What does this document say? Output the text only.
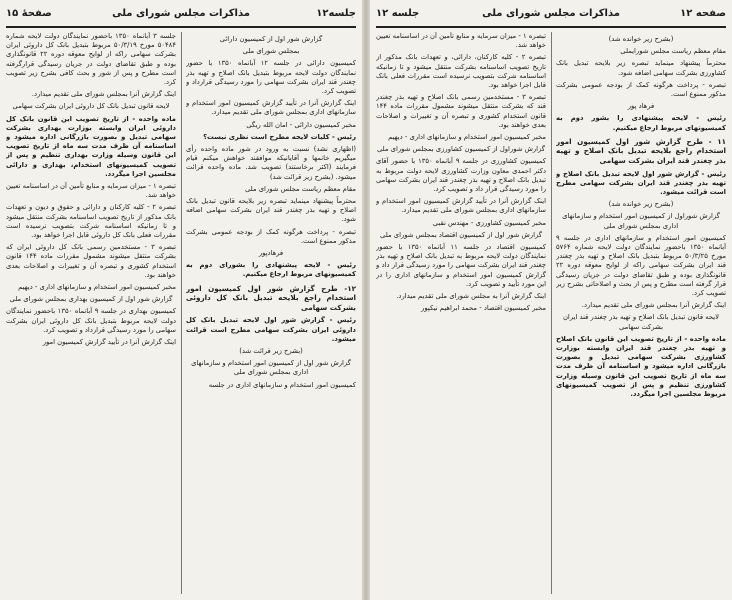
جلسه۱۲
مذاکرات مجلس شورای ملی
صفحهٔ ۱۵

گزارش شور اول از کمیسیون دارائی

بمجلس شورای ملی

کمیسیون دارائی در جلسه ۱۲ آبانماه ۱۳۵۰ با حضور نمایندگان دولت لایحه مربوط بتبدیل بانک اصلاح و تهیه بذر چغندر قند ایران بشرکت سهامی را مورد رسیدگی قرارداد و تصویب کرد.

اینک گزارش آنرا در تأیید گزارش کمیسیون امور استخدام و سازمانهای اداری بمجلس شورای ملی تقدیم میدارد.

مخبر کمیسیون دارائی - امان الله ریگی

رئیس - کلیات لایحه مطرح است نظری نیست؟

(اظهاری نشد) نسبت به ورود در شور ماده واحده رأی میگیریم خانمها و آقایانیکه موافقند خواهش میکنم قیام فرمایند (اکثر برخاستند) تصویب شد. ماده واحده قرائت میشود. (بشرح زیر قرائت شد)

مقام معظم ریاست مجلس شورای ملی

محترماً پیشنهاد مینماید تبصره زیر بلایحه قانون تبدیل بانک اصلاح و تهیه بذر چغندر قند ایران بشرکت سهامی اضافه شود.

تبصره - پرداخت هرگونه کمک از بودجه عمومی بشرکت مذکور ممنوع است.

فرهادپور

رئیس - لایحه پیشنهادی را بشورای دوم به کمیسیونهای مربوط ارجاع میکنیم.

۱۲- طرح گزارش شور اول کمیسیون امور استخدام راجع بلایحه تبدیل بانک کل داروئی بشرکت سهامی

رئیس - گزارش شور اول لایحه تبدیل بانک کل داروئی ایران بشرکت سهامی مطرح است قرائت میشود.

(بشرح زیر قرائت شد)

گزارش شور اول از کمیسیون امور استخدام و سازمانهای اداری بمجلس شورای ملی

کمیسیون امور استخدام و سازمانهای اداری در جلسه

جلسه ۳ آبانماه ۱۳۵۰ باحضور نمایندگان دولت لایحه شماره ۵۰۴۸۴ مورخ ۵۰/۳/۱۹ مربوط بتبدیل بانک کل داروئی ایران بشرکت سهامی راکه از لوایح معوقه دوره ۲۲ قانونگذاری بوده و طبق تقاضای دولت در جریان رسیدگی قرارگرفته است مطرح و پس از شور و بحث کافی بشرح زیر تصویب کرد.

اینک گزارش آنرا بمجلس شورای ملی تقدیم میدارد.

لایحه قانون تبدیل بانک کل داروئی ایران بشرکت سهامی

ماده واحده - از تاریخ تصویب این قانون بانک کل داروئی ایران وابسته بوزارت بهداری بشرکت سهامی تبدیل و بصورت بازرگانی اداره میشود و اساسنامه آن ظرف مدت سه ماه از تاریخ تصویب این قانون وسیله وزارت بهداری تنظیم و پس از تصویب کمیسیونهای استخدام، بهداری و دارائی مجلسین اجرا میگردد.

تبصره ۱ - میزان سرمایه و منابع تأمین آن در اساسنامه تعیین خواهد شد.

تبصره ۲ - کلیه کارکنان و دارائی و حقوق و دیون و تعهدات بانک مذکور از تاریخ تصویب اساسنامه بشرکت منتقل میشود و تا زمانیکه اساسنامه شرکت بتصویب نرسیده است مقررات فعلی بانک کل داروئی قابل اجرا خواهد بود.

تبصره ۳ - مستخدمین رسمی بانک کل داروئی ایران که بشرکت منتقل میشوند مشمول مقررات ماده ۱۴۴ قانون استخدام کشوری و تبصره آن و تغییرات و اصلاحات بعدی خواهند بود.

مخبر کمیسیون امور استخدام و سازمانهای اداری - دیهیم

گزارش شور اول از کمیسیون بهداری بمجلس شورای ملی

کمیسیون بهداری در جلسه ۹ آبانماه ۱۳۵۰ باحضور نمایندگان دولت لایحه مربوط بتبدیل بانک کل داروئی ایران بشرکت سهامی را مورد رسیدگی قرارداد و تصویب کرد.

اینک گزارش آنرا در تأیید گزارش کمیسیون امور

صفحه ۱۲
مذاکرات مجلس شورای ملی
جلسه ۱۲

(بشرح زیر خوانده شد)

مقام معظم ریاست مجلس شورایملی

محترماً پیشنهاد مینماید تبصره زیر بلایحه تبدیل بانک کشاورزی بشرکت سهامی اضافه شود.

تبصره - پرداخت هرگونه کمک از بودجه عمومی بشرکت مذکور ممنوع است.

فرهاد پور

رئیس - لایحه پیشنهادی را بشور دوم به کمیسیونهای مربوط ارجاع میکنیم.

۱۱ - طرح گزارش شور اول کمیسیون امور استخدام راجع بلایحه تبدیل بانک اصلاح و تهیه بذر چغندر قند ایران بشرکت سهامی

رئیس - گزارش شور اول لایحه تبدیل بانک اصلاح و تهیه بذر چغندر قند ایران بشرکت سهامی مطرح است قرائت میشود.

(بشرح زیر خوانده شد)

گزارش شوراول از کمیسیون امور استخدام و سازمانهای اداری بمجلس شورای ملی

کمیسیون امور استخدام و سازمانهای اداری در جلسه ۹ آبانماه ۱۳۵۰ باحضور نمایندگان دولت لایحه شماره ۵۷۶۴ مورخ ۵۰/۳/۲۵ مربوط بتبدیل بانک اصلاح و تهیه بذر چغندر قند ایران بشرکت سهامی راکه از لوایح معوقه دوره ۲۲ قانونگذاری بوده و طبق تقاضای دولت در جریان رسیدگی قرار گرفته است مطرح و پس از بحث و اصلاحاتی بشرح زیر تصویب کرد.

اینک گزارش آنرا بمجلس شورای ملی تقدیم میدارد.

لایحه قانون تبدیل بانک اصلاح و تهیه بذر چغندر قند ایران بشرکت سهامی

ماده واحده - از تاریخ تصویب این قانون بانک اصلاح و تهیه بذر چغندر قند ایران وابسته بوزارت کشاورزی بشرکت سهامی تبدیل و بصورت بازرگانی اداره میشود و اساسنامه آن ظرف مدت سه ماه از تاریخ تصویب این قانون وسیله وزارت کشاورزی تنظیم و پس از تصویب کمیسیونهای مربوط مجلسین اجرا میگردد.

تبصره ۱ - میزان سرمایه و منابع تأمین آن در اساسنامه تعیین خواهد شد.

تبصره ۲ - کلیه کارکنان، دارائی، و تعهدات بانک مذکور از تاریخ تصویب اساسنامه بشرکت منتقل میشود و تا زمانیکه اساسنامه شرکت بتصویب نرسیده است مقررات فعلی بانک قابل اجرا خواهد بود.

تبصره ۳ - مستخدمین رسمی بانک اصلاح و تهیه بذر چغندر قند که بشرکت منتقل میشوند مشمول مقررات ماده ۱۴۴ قانون استخدام کشوری و تبصره آن و تغییرات و اصلاحات بعدی خواهند بود.

مخبر کمیسیون امور استخدام و سازمانهای اداری - دیهیم

گزارش شوراول از کمیسیون کشاورزی بمجلس شورای ملی

کمیسیون کشاورزی در جلسه ۹ آبانماه ۱۳۵۰ با حضور آقای دکتر احمدی معاون وزارت کشاورزی لایحه دولت مربوط به تبدیل بانک اصلاح و تهیه بذر چغندر قند ایران بشرکت سهامی را مورد رسیدگی قرار داد و تصویب کرد.

اینک گزارش آنرا در تأیید گزارش کمیسیون امور استخدام و سازمانهای اداری بمجلس شورای ملی تقدیم میدارد.

مخبر کمیسیون کشاورزی - مهندس نقبی

گزارش شور اول از کمیسیون اقتصاد بمجلس شورای ملی

کمیسیون اقتصاد در جلسه ۱۱ آبانماه ۱۳۵۰ با حضور نمایندگان دولت لایحه مربوط به تبدیل بانک اصلاح و تهیه بذر چغندر قند ایران بشرکت سهامی را مورد رسیدگی قرار داد و گزارش کمیسیون امور استخدام و سازمانهای اداری را در این مورد تأیید و تصویب کرد.

اینک گزارش آنرا به مجلس شورای ملی تقدیم میدارد.

مخبر کمیسیون اقتصاد - محمد ابراهیم نیکپور
